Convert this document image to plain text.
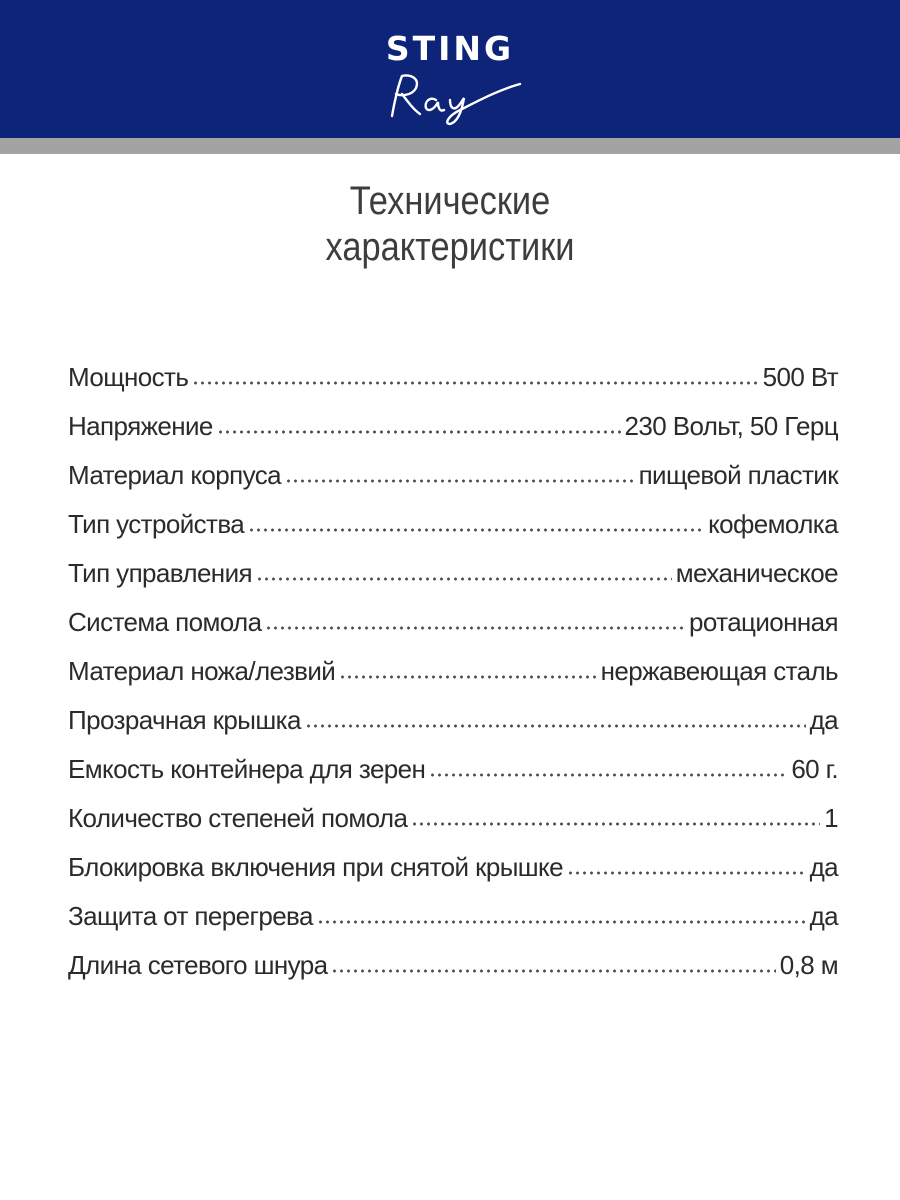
STING
Технические
характеристики
Мощность	500 Вт
Напряжение	230 Вольт, 50 Герц
Материал корпуса	пищевой пластик
Тип устройства	кофемолка
Тип управления	механическое
Система помола	ротационная
Материал ножа/лезвий	нержавеющая сталь
Прозрачная крышка	да
Емкость контейнера для зерен	60 г.
Количество степеней помола	1
Блокировка включения при снятой крышке	да
Защита от перегрева	да
Длина сетевого шнура	0,8 м
